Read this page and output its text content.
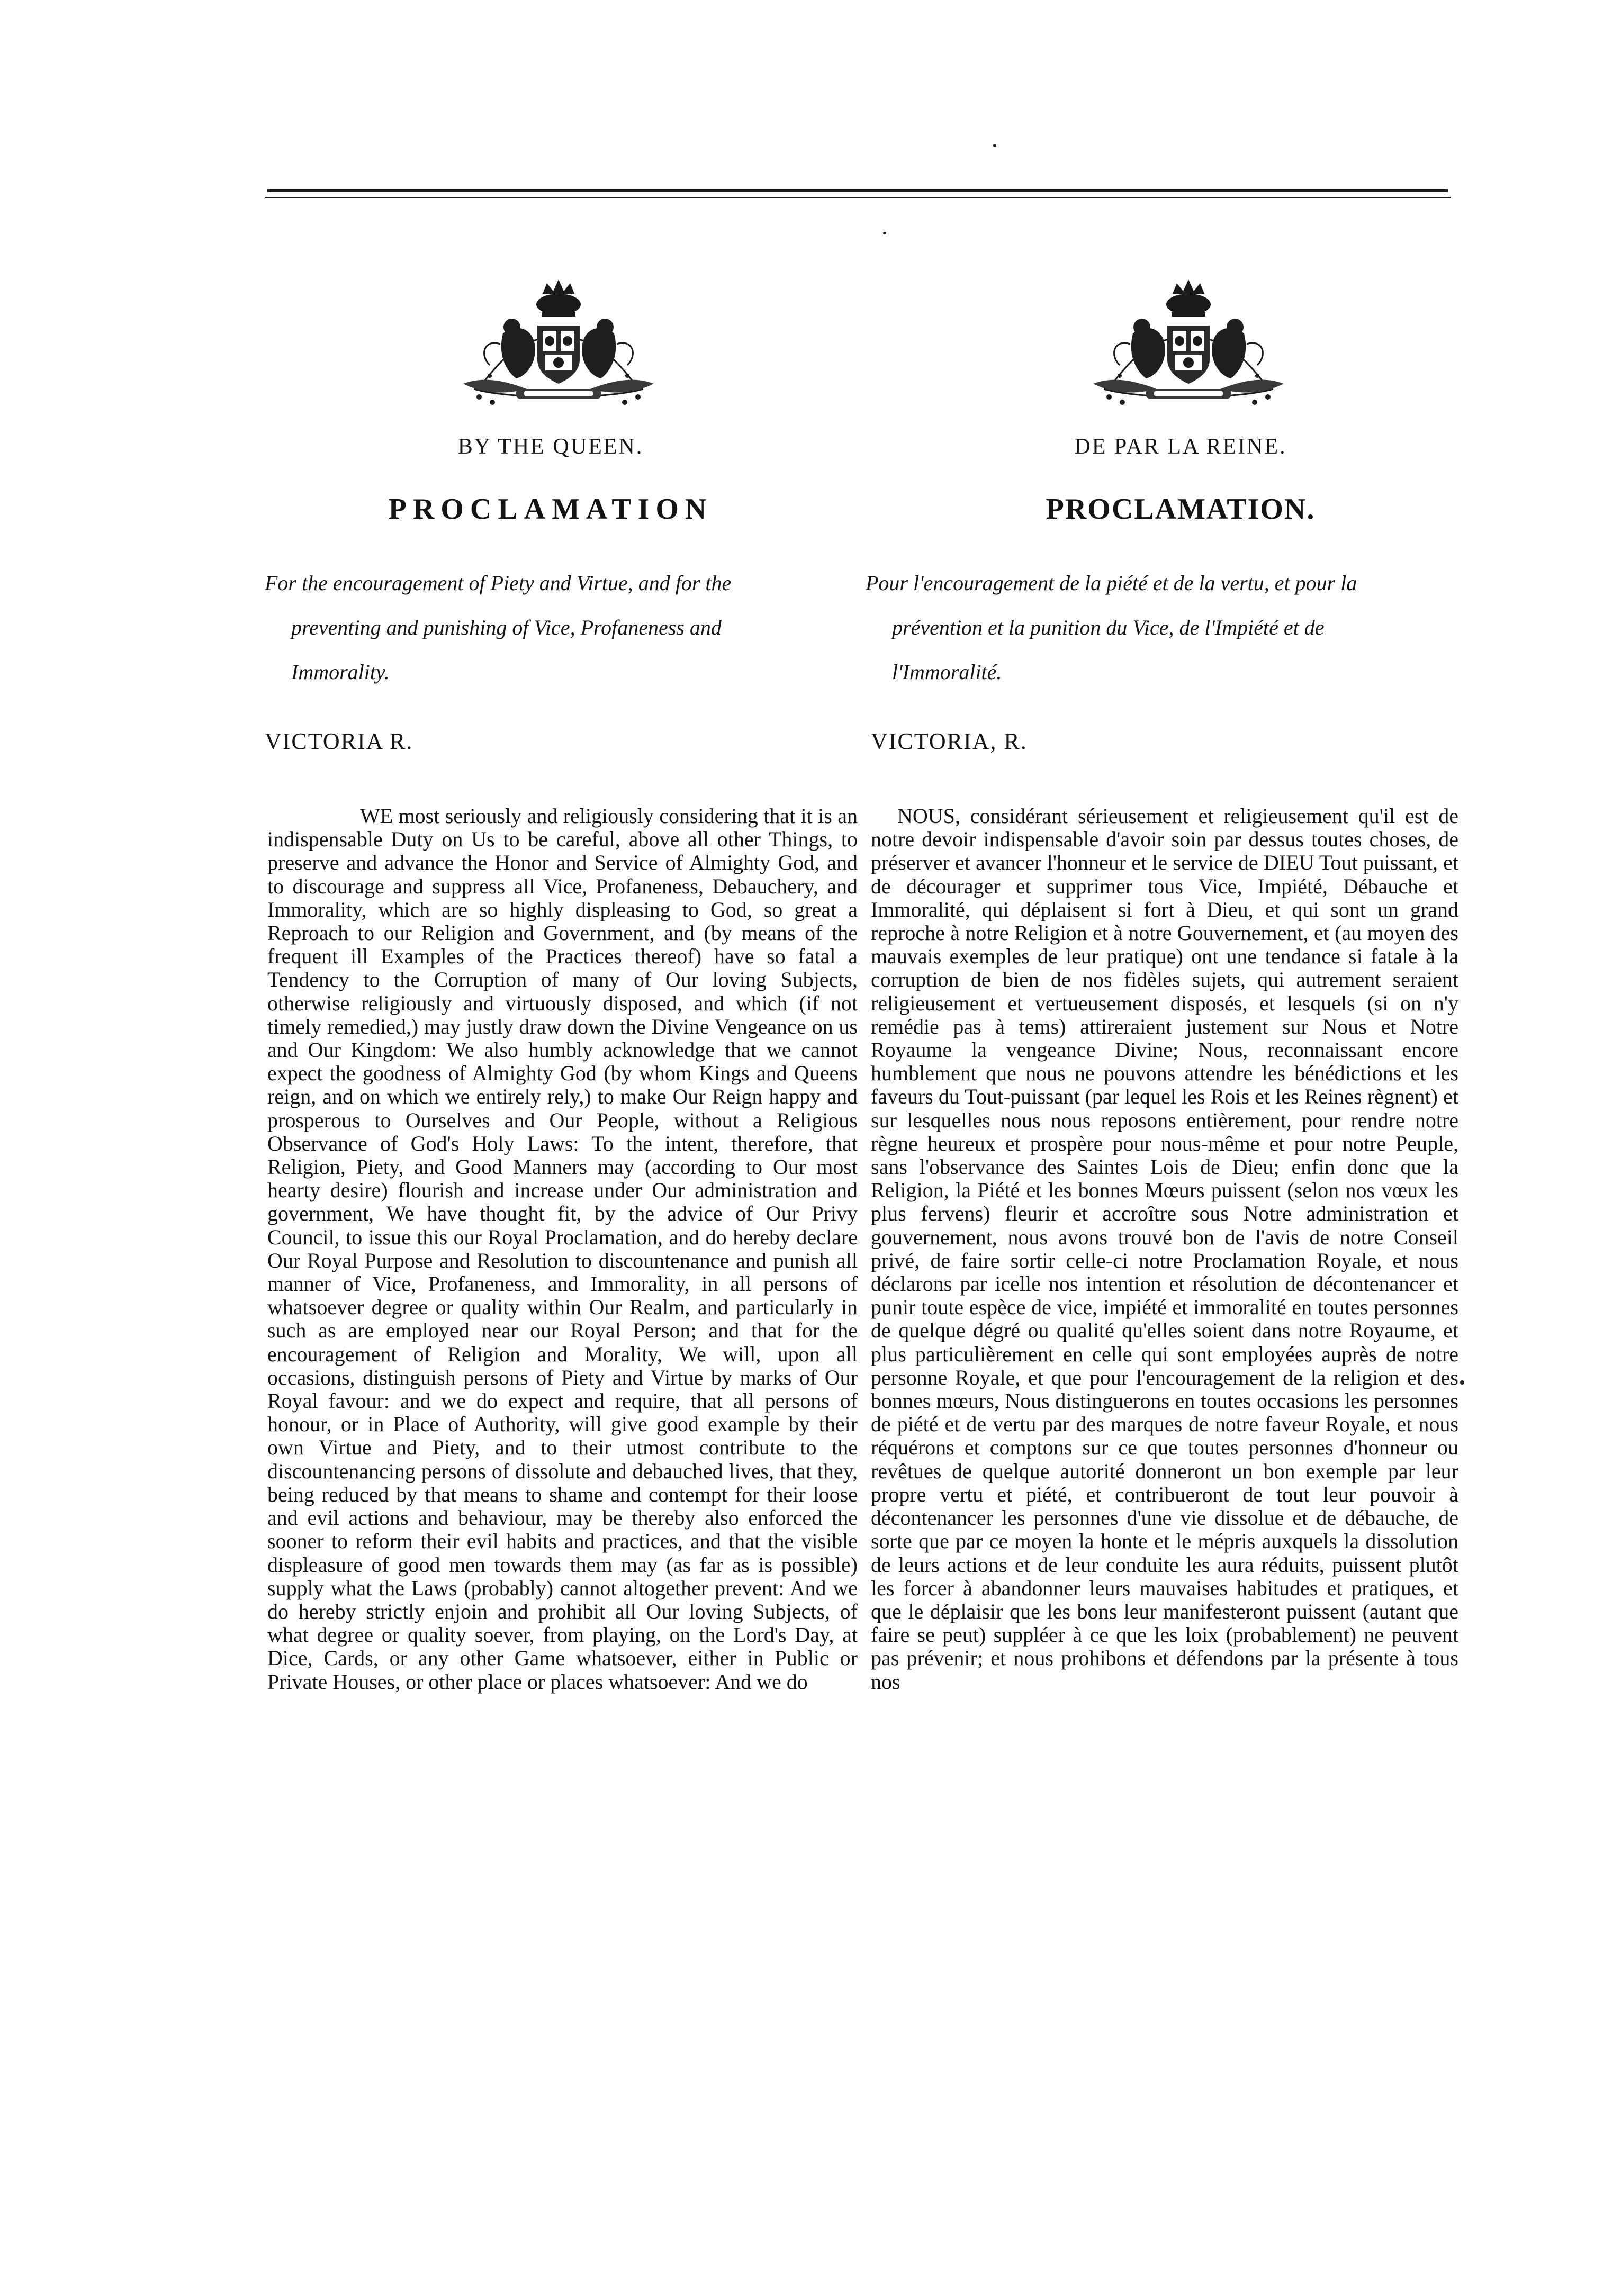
BY THE QUEEN.
PROCLAMATION
For the encouragement of Piety and Virtue, and for the
preventing and punishing of Vice, Profaneness and
Immorality.
VICTORIA R.

WE most seriously and religiously considering that it is an indispensable Duty on Us to be careful, above all other Things, to preserve and advance the Honor and Service of Almighty God, and to discourage and suppress all Vice, Profaneness, Debauchery, and Immorality, which are so highly displeasing to God, so great a Reproach to our Religion and Government, and (by means of the frequent ill Examples of the Practices thereof) have so fatal a Tendency to the Corruption of many of Our loving Subjects, otherwise religiously and virtuously disposed, and which (if not timely remedied,) may justly draw down the Divine Vengeance on us and Our Kingdom: We also humbly acknowledge that we cannot expect the goodness of Almighty God (by whom Kings and Queens reign, and on which we entirely rely,) to make Our Reign happy and prosperous to Ourselves and Our People, without a Religious Observance of God's Holy Laws: To the intent, therefore, that Religion, Piety, and Good Manners may (according to Our most hearty desire) flourish and increase under Our administration and government, We have thought fit, by the advice of Our Privy Council, to issue this our Royal Proclamation, and do hereby declare Our Royal Purpose and Resolution to discountenance and punish all manner of Vice, Profaneness, and Immorality, in all persons of whatsoever degree or quality within Our Realm, and particularly in such as are employed near our Royal Person; and that for the encouragement of Religion and Morality, We will, upon all occasions, distinguish persons of Piety and Virtue by marks of Our Royal favour: and we do expect and require, that all persons of honour, or in Place of Authority, will give good example by their own Virtue and Piety, and to their utmost contribute to the discountenancing persons of dissolute and debauched lives, that they, being reduced by that means to shame and contempt for their loose and evil actions and behaviour, may be thereby also enforced the sooner to reform their evil habits and practices, and that the visible displeasure of good men towards them may (as far as is possible) supply what the Laws (probably) cannot altogether prevent: And we do hereby strictly enjoin and prohibit all Our loving Subjects, of what degree or quality soever, from playing, on the Lord's Day, at Dice, Cards, or any other Game whatsoever, either in Public or Private Houses, or other place or places whatsoever: And we do

DE PAR LA REINE.
PROCLAMATION.
Pour l'encouragement de la piété et de la vertu, et pour la
prévention et la punition du Vice, de l'Impiété et de
l'Immoralité.
VICTORIA, R.

NOUS, considérant sérieusement et religieusement qu'il est de notre devoir indispensable d'avoir soin par dessus toutes choses, de préserver et avancer l'honneur et le service de DIEU Tout puissant, et de décourager et supprimer tous Vice, Impiété, Débauche et Immoralité, qui déplaisent si fort à Dieu, et qui sont un grand reproche à notre Religion et à notre Gouvernement, et (au moyen des mauvais exemples de leur pratique) ont une tendance si fatale à la corruption de bien de nos fidèles sujets, qui autrement seraient religieusement et vertueusement disposés, et lesquels (si on n'y remédie pas à tems) attireraient justement sur Nous et Notre Royaume la vengeance Divine; Nous, reconnaissant encore humblement que nous ne pouvons attendre les bénédictions et les faveurs du Tout-puissant (par lequel les Rois et les Reines règnent) et sur lesquelles nous nous reposons entièrement, pour rendre notre règne heureux et prospère pour nous-même et pour notre Peuple, sans l'observance des Saintes Lois de Dieu; enfin donc que la Religion, la Piété et les bonnes Mœurs puissent (selon nos vœux les plus fervens) fleurir et accroître sous Notre administration et gouvernement, nous avons trouvé bon de l'avis de notre Conseil privé, de faire sortir celle-ci notre Proclamation Royale, et nous déclarons par icelle nos intention et résolution de décontenancer et punir toute espèce de vice, impiété et immoralité en toutes personnes de quelque dégré ou qualité qu'elles soient dans notre Royaume, et plus particulièrement en celle qui sont employées auprès de notre personne Royale, et que pour l'encouragement de la religion et des bonnes mœurs, Nous distinguerons en toutes occasions les personnes de piété et de vertu par des marques de notre faveur Royale, et nous réquérons et comptons sur ce que toutes personnes d'honneur ou revêtues de quelque autorité donneront un bon exemple par leur propre vertu et piété, et contribueront de tout leur pouvoir à décontenancer les personnes d'une vie dissolue et de débauche, de sorte que par ce moyen la honte et le mépris auxquels la dissolution de leurs actions et de leur conduite les aura réduits, puissent plutôt les forcer à abandonner leurs mauvaises habitudes et pratiques, et que le déplaisir que les bons leur manifesteront puissent (autant que faire se peut) suppléer à ce que les loix (probablement) ne peuvent pas prévenir; et nous prohibons et défendons par la présente à tous nos
